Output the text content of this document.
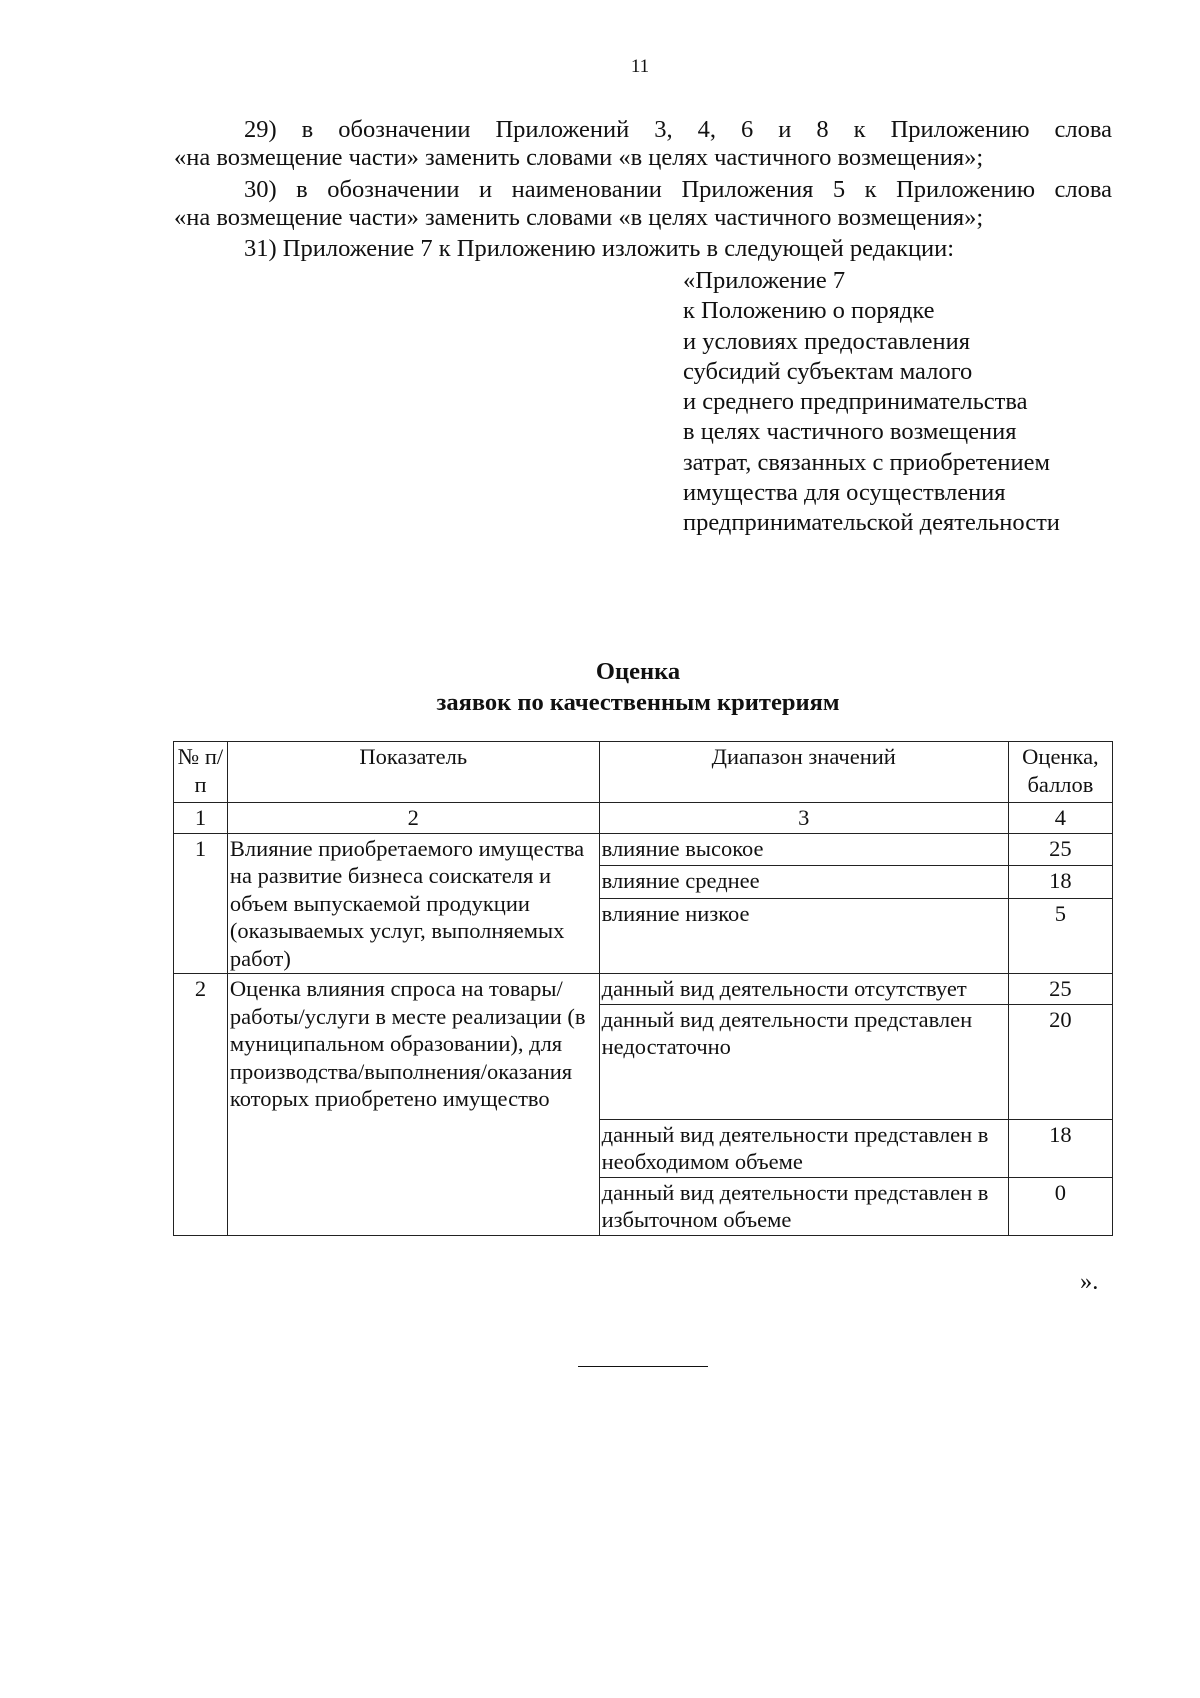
11
29) в обозначении Приложений 3, 4, 6 и 8 к Приложению слова
«на возмещение части» заменить словами «в целях частичного возмещения»;
30) в обозначении и наименовании Приложения 5 к Приложению слова
«на возмещение части» заменить словами «в целях частичного возмещения»;
31) Приложение 7 к Приложению изложить в следующей редакции:
«Приложение 7
к Положению о порядке
и условиях предоставления
субсидий субъектам малого
и среднего предпринимательства
в целях частичного возмещения
затрат, связанных с приобретением
имущества для осуществления
предпринимательской деятельности
Оценка
заявок по качественным критериям
№ п/п	Показатель	Диапазон значений	Оценка, баллов
1	2	3	4
1	Влияние приобретаемого имущества на развитие бизнеса соискателя и объем выпускаемой продукции (оказываемых услуг, выполняемых работ)	влияние высокое	25
		влияние среднее	18
		влияние низкое	5
2	Оценка влияния спроса на товары/работы/услуги в месте реализации (в муниципальном образовании), для производства/выполнения/оказания которых приобретено имущество	данный вид деятельности отсутствует	25
		данный вид деятельности представлен недостаточно	20
		данный вид деятельности представлен в необходимом объеме	18
		данный вид деятельности представлен в избыточном объеме	0
».
